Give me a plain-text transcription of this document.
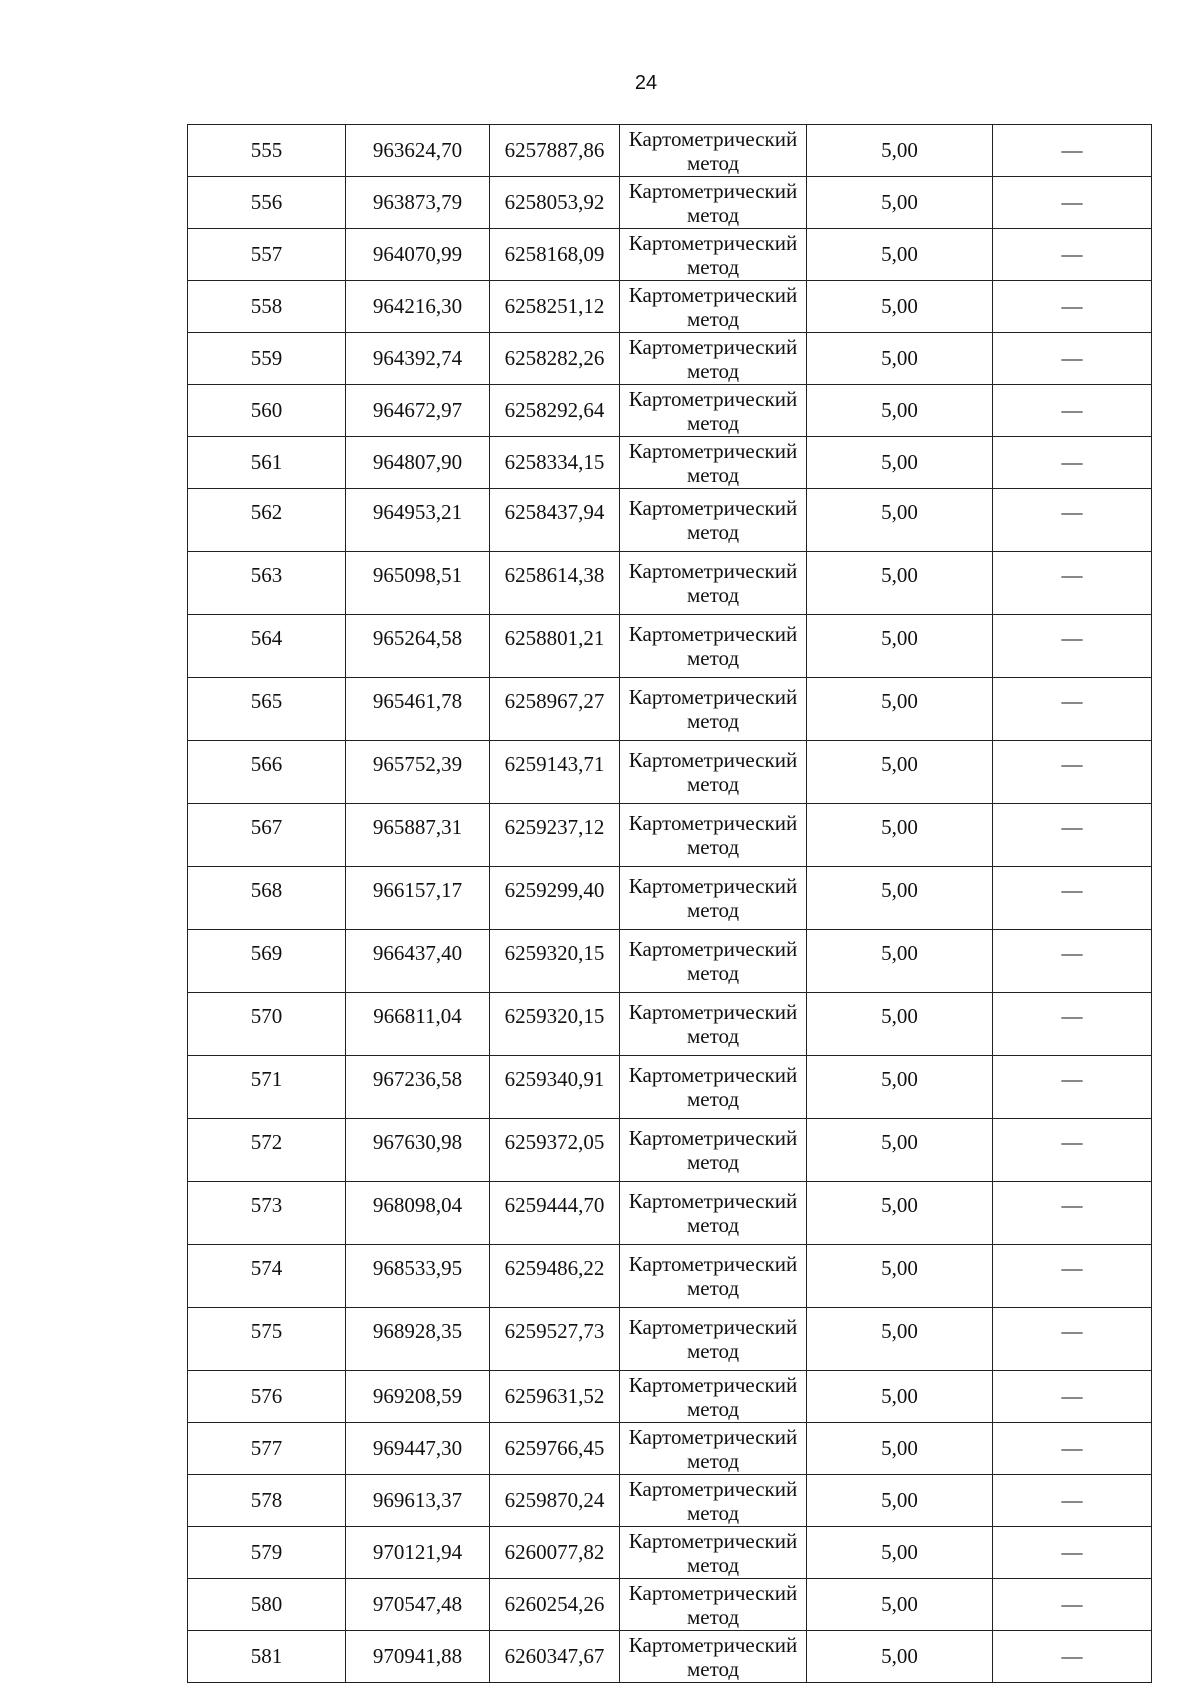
24
555	963624,70	6257887,86	Картометрический
метод	5,00	—
556	963873,79	6258053,92	Картометрический
метод	5,00	—
557	964070,99	6258168,09	Картометрический
метод	5,00	—
558	964216,30	6258251,12	Картометрический
метод	5,00	—
559	964392,74	6258282,26	Картометрический
метод	5,00	—
560	964672,97	6258292,64	Картометрический
метод	5,00	—
561	964807,90	6258334,15	Картометрический
метод	5,00	—
562	964953,21	6258437,94	Картометрический
метод	5,00	—
563	965098,51	6258614,38	Картометрический
метод	5,00	—
564	965264,58	6258801,21	Картометрический
метод	5,00	—
565	965461,78	6258967,27	Картометрический
метод	5,00	—
566	965752,39	6259143,71	Картометрический
метод	5,00	—
567	965887,31	6259237,12	Картометрический
метод	5,00	—
568	966157,17	6259299,40	Картометрический
метод	5,00	—
569	966437,40	6259320,15	Картометрический
метод	5,00	—
570	966811,04	6259320,15	Картометрический
метод	5,00	—
571	967236,58	6259340,91	Картометрический
метод	5,00	—
572	967630,98	6259372,05	Картометрический
метод	5,00	—
573	968098,04	6259444,70	Картометрический
метод	5,00	—
574	968533,95	6259486,22	Картометрический
метод	5,00	—
575	968928,35	6259527,73	Картометрический
метод	5,00	—
576	969208,59	6259631,52	Картометрический
метод	5,00	—
577	969447,30	6259766,45	Картометрический
метод	5,00	—
578	969613,37	6259870,24	Картометрический
метод	5,00	—
579	970121,94	6260077,82	Картометрический
метод	5,00	—
580	970547,48	6260254,26	Картометрический
метод	5,00	—
581	970941,88	6260347,67	Картометрический
метод	5,00	—
